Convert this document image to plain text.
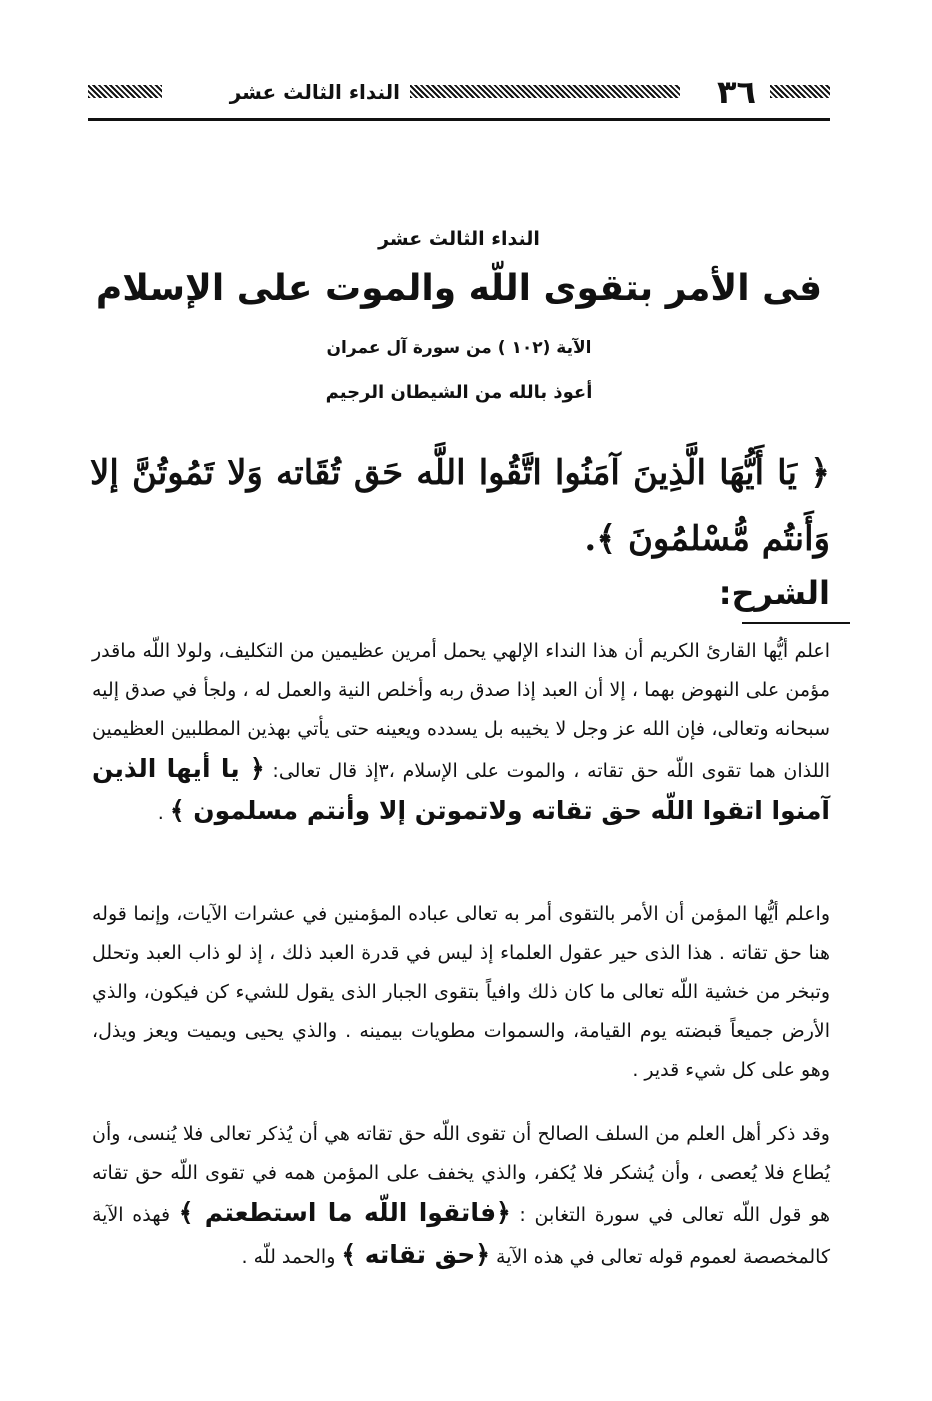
٣٦
النداء الثالث عشر
النداء الثالث عشر
فى الأمر بتقوى اللّه والموت على الإسلام
الآية (١٠٢ ) من سورة آل عمران
أعوذ بالله من الشيطان الرجيم
﴿ يَا أَيُّهَا الَّذِينَ آمَنُوا اتَّقُوا اللَّه حَق تُقَاته وَلا تَمُوتُنَّ إلا وَأَنتُم مُّسْلمُونَ ﴾.
الشرح:
اعلم أيُّها القارئ الكريم أن هذا النداء الإلهي يحمل أمرين عظيمين من التكليف، ولولا اللّه ماقدر مؤمن على النهوض بهما ، إلا أن العبد إذا صدق ربه وأخلص النية والعمل له ، ولجأ في صدق إليه سبحانه وتعالى، فإن الله عز وجل لا يخيبه بل يسدده ويعينه حتى يأتي بهذين المطلبين العظيمين اللذان هما تقوى اللّه حق تقاته ، والموت على الإسلام ،٣إذ قال تعالى: ﴿ يا أيها الذين آمنوا اتقوا اللّه حق تقاته ولاتموتن إلا وأنتم مسلمون ﴾ .
واعلم أيُّها المؤمن أن الأمر بالتقوى أمر به تعالى عباده المؤمنين في عشرات الآيات، وإنما قوله هنا حق تقاته . هذا الذى حير عقول العلماء إذ ليس في قدرة العبد ذلك ، إذ لو ذاب العبد وتحلل وتبخر من خشية اللّه تعالى ما كان ذلك وافياً بتقوى الجبار الذى يقول للشيء كن فيكون، والذي الأرض جميعاً قبضته يوم القيامة، والسموات مطويات بيمينه . والذي يحيى ويميت ويعز ويذل، وهو على كل شيء قدير .
وقد ذكر أهل العلم من السلف الصالح أن تقوى اللّه حق تقاته هي أن يُذكر تعالى فلا يُنسى، وأن يُطاع فلا يُعصى ، وأن يُشكر فلا يُكفر، والذي يخفف على المؤمن همه في تقوى اللّه حق تقاته هو قول اللّه تعالى في سورة التغابن : ﴿فاتقوا اللّه ما استطعتم ﴾ فهذه الآية كالمخصصة لعموم قوله تعالى في هذه الآية ﴿حق تقاته ﴾ والحمد للّه .
